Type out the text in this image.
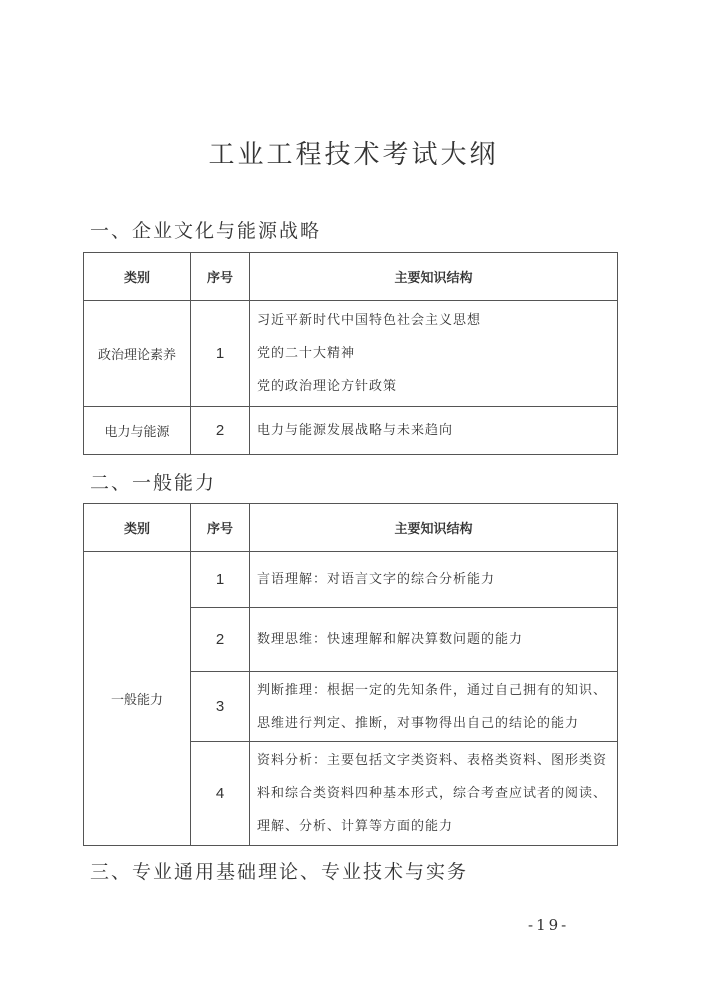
工业工程技术考试大纲
一、企业文化与能源战略
类别	序号	主要知识结构
政治理论素养	1	习近平新时代中国特色社会主义思想
党的二十大精神
党的政治理论方针政策

电力与能源	2	电力与能源发展战略与未来趋向
二、一般能力
类别	序号	主要知识结构
一般能力	1	言语理解：对语言文字的综合分析能力

	2	数理思维：快速理解和解决算数问题的能力

	3	判断推理：根据一定的先知条件，通过自己拥有的知识、
思维进行判定、推断，对事物得出自己的结论的能力

	4	资料分析：主要包括文字类资料、表格类资料、图形类资
料和综合类资料四种基本形式，综合考查应试者的阅读、
理解、分析、计算等方面的能力
三、专业通用基础理论、专业技术与实务
-19-
